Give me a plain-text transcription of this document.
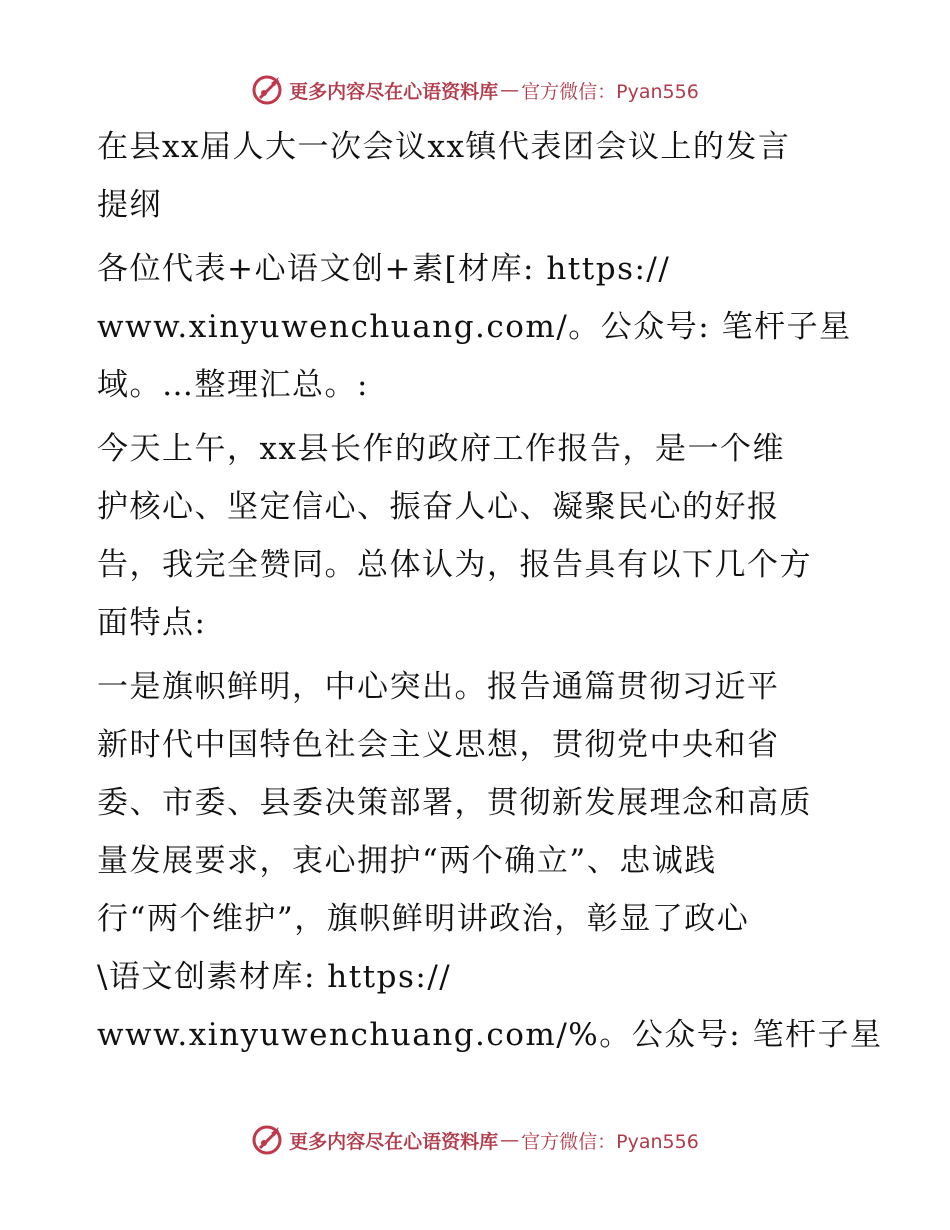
更多内容尽在心语资料库 — 官方微信：Pyan556
在县xx届人大一次会议xx镇代表团会议上的发言
提纲
各位代表+心语文创+素[材库: https://
www.xinyuwenchuang.com/。公众号: 笔杆子星
域。…整理汇总。:
今天上午，xx县长作的政府工作报告，是一个维
护核心、坚定信心、振奋人心、凝聚民心的好报
告，我完全赞同。总体认为，报告具有以下几个方
面特点:
一是旗帜鲜明，中心突出。报告通篇贯彻习近平
新时代中国特色社会主义思想，贯彻党中央和省
委、市委、县委决策部署，贯彻新发展理念和高质
量发展要求，衷心拥护“两个确立”、忠诚践
行“两个维护”，旗帜鲜明讲政治，彰显了政心
\语文创素材库: https://
www.xinyuwenchuang.com/%。公众号: 笔杆子星
更多内容尽在心语资料库 — 官方微信：Pyan556
